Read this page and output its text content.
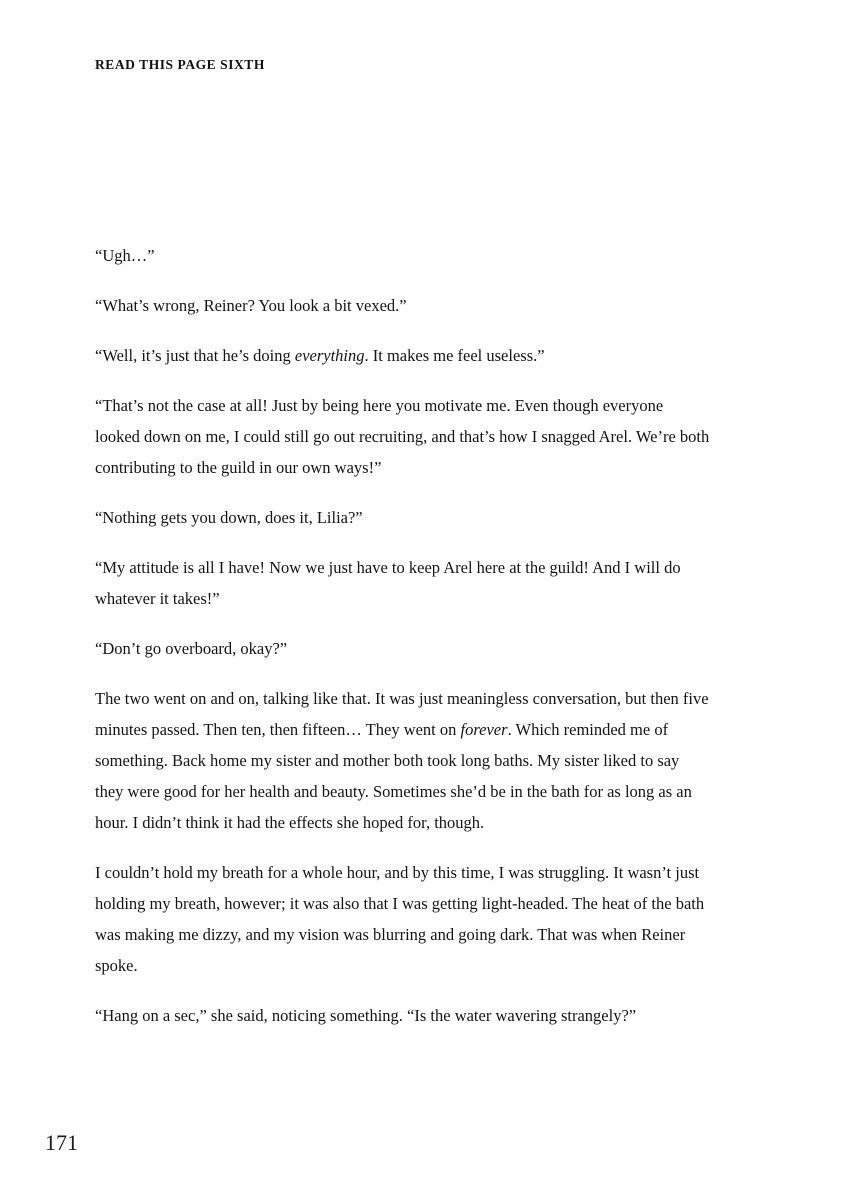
READ THIS PAGE SIXTH

“Ugh…”

“What’s wrong, Reiner? You look a bit vexed.”

“Well, it’s just that he’s doing everything. It makes me feel useless.”

“That’s not the case at all! Just by being here you motivate me. Even though everyone looked down on me, I could still go out recruiting, and that’s how I snagged Arel. We’re both contributing to the guild in our own ways!”

“Nothing gets you down, does it, Lilia?”

“My attitude is all I have! Now we just have to keep Arel here at the guild! And I will do whatever it takes!”

“Don’t go overboard, okay?”

The two went on and on, talking like that. It was just meaningless conversation, but then five minutes passed. Then ten, then fifteen… They went on forever. Which reminded me of something. Back home my sister and mother both took long baths. My sister liked to say they were good for her health and beauty. Sometimes she’d be in the bath for as long as an hour. I didn’t think it had the effects she hoped for, though.

I couldn’t hold my breath for a whole hour, and by this time, I was struggling. It wasn’t just holding my breath, however; it was also that I was getting light-headed. The heat of the bath was making me dizzy, and my vision was blurring and going dark. That was when Reiner spoke.

“Hang on a sec,” she said, noticing something. “Is the water wavering strangely?”

171
